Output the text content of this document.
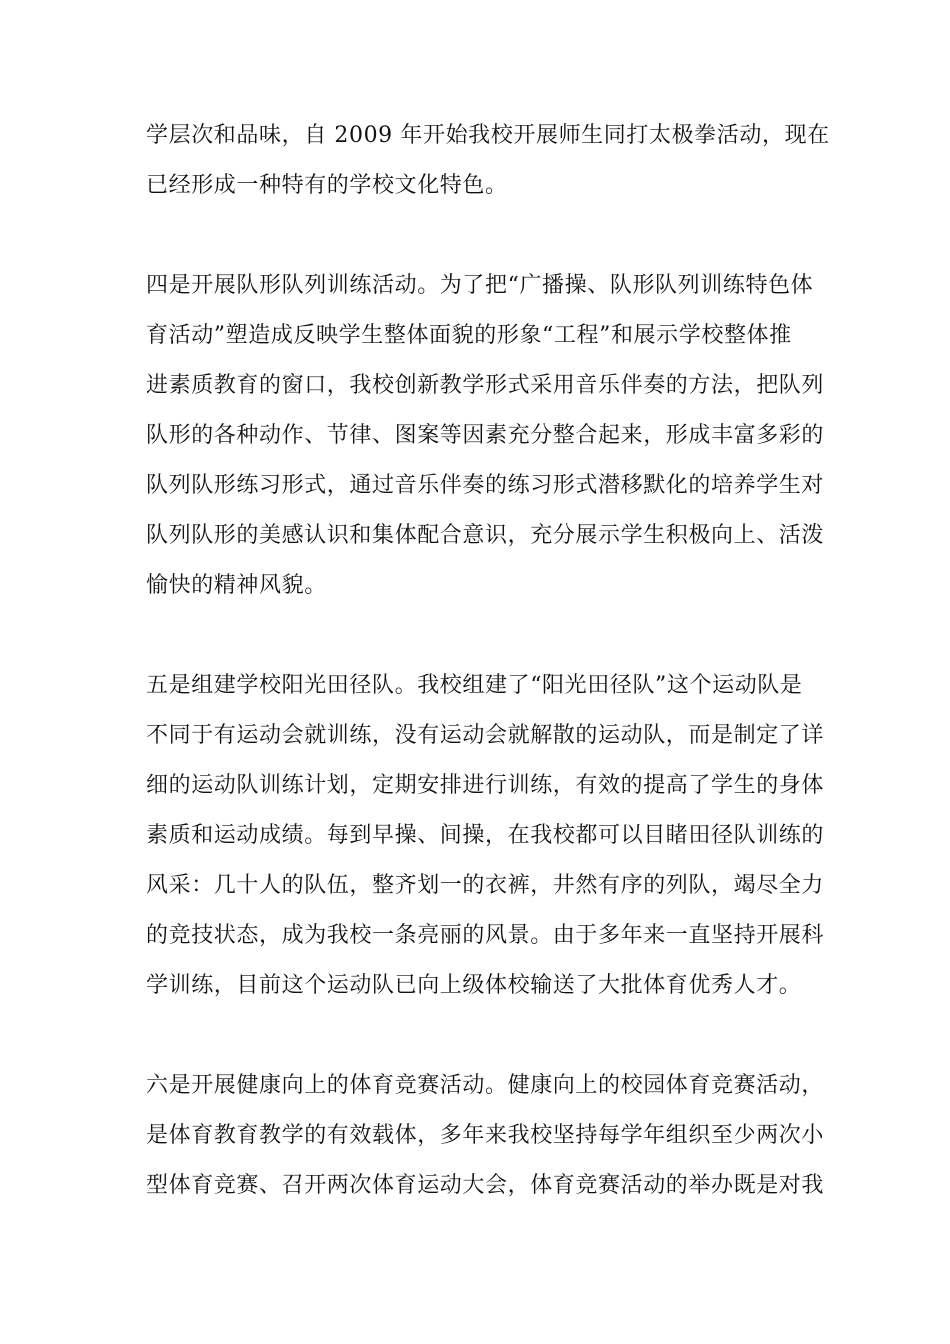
学层次和品味，自 2009 年开始我校开展师生同打太极拳活动，现在
已经形成一种特有的学校文化特色。
四是开展队形队列训练活动。为了把“广播操、队形队列训练特色体
育活动”塑造成反映学生整体面貌的形象“工程”和展示学校整体推
进素质教育的窗口，我校创新教学形式采用音乐伴奏的方法，把队列
队形的各种动作、节律、图案等因素充分整合起来，形成丰富多彩的
队列队形练习形式，通过音乐伴奏的练习形式潜移默化的培养学生对
队列队形的美感认识和集体配合意识，充分展示学生积极向上、活泼
愉快的精神风貌。
五是组建学校阳光田径队。我校组建了“阳光田径队”这个运动队是
不同于有运动会就训练，没有运动会就解散的运动队，而是制定了详
细的运动队训练计划，定期安排进行训练，有效的提高了学生的身体
素质和运动成绩。每到早操、间操，在我校都可以目睹田径队训练的
风采：几十人的队伍，整齐划一的衣裤，井然有序的列队，竭尽全力
的竞技状态，成为我校一条亮丽的风景。由于多年来一直坚持开展科
学训练，目前这个运动队已向上级体校输送了大批体育优秀人才。
六是开展健康向上的体育竞赛活动。健康向上的校园体育竞赛活动，
是体育教育教学的有效载体，多年来我校坚持每学年组织至少两次小
型体育竞赛、召开两次体育运动大会，体育竞赛活动的举办既是对我
